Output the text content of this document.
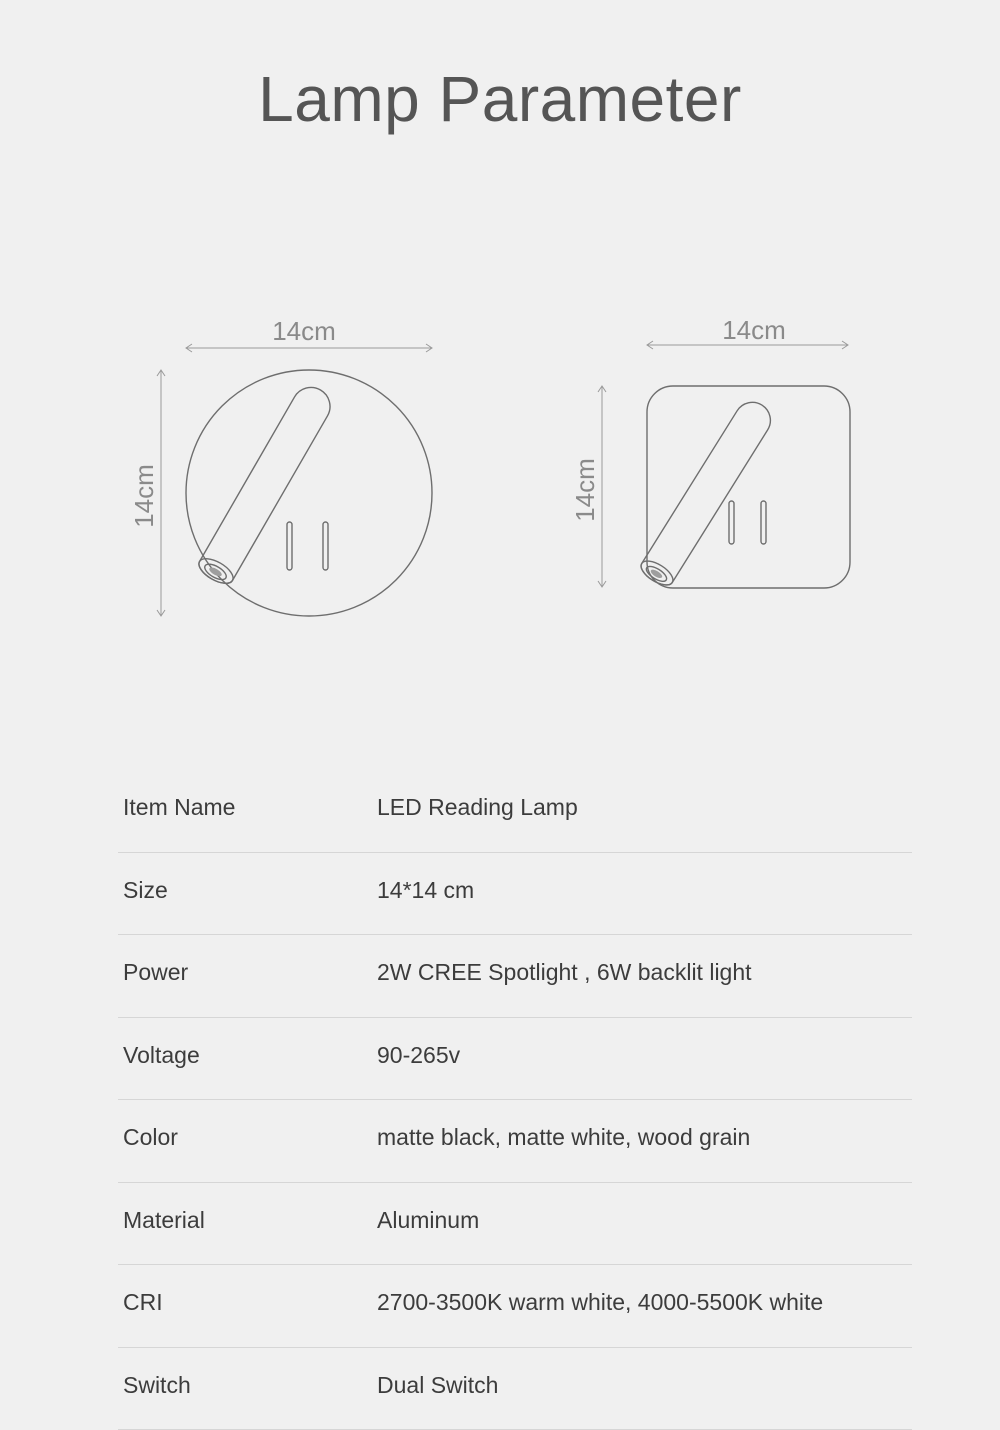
Lamp Parameter
14cm
14cm
14cm
14cm
Item Name	LED Reading Lamp
Size	14*14 cm
Power	2W CREE Spotlight , 6W backlit light
Voltage	90-265v
Color	matte black, matte white, wood grain
Material	Aluminum
CRI	2700-3500K warm white, 4000-5500K white
Switch	Dual Switch
